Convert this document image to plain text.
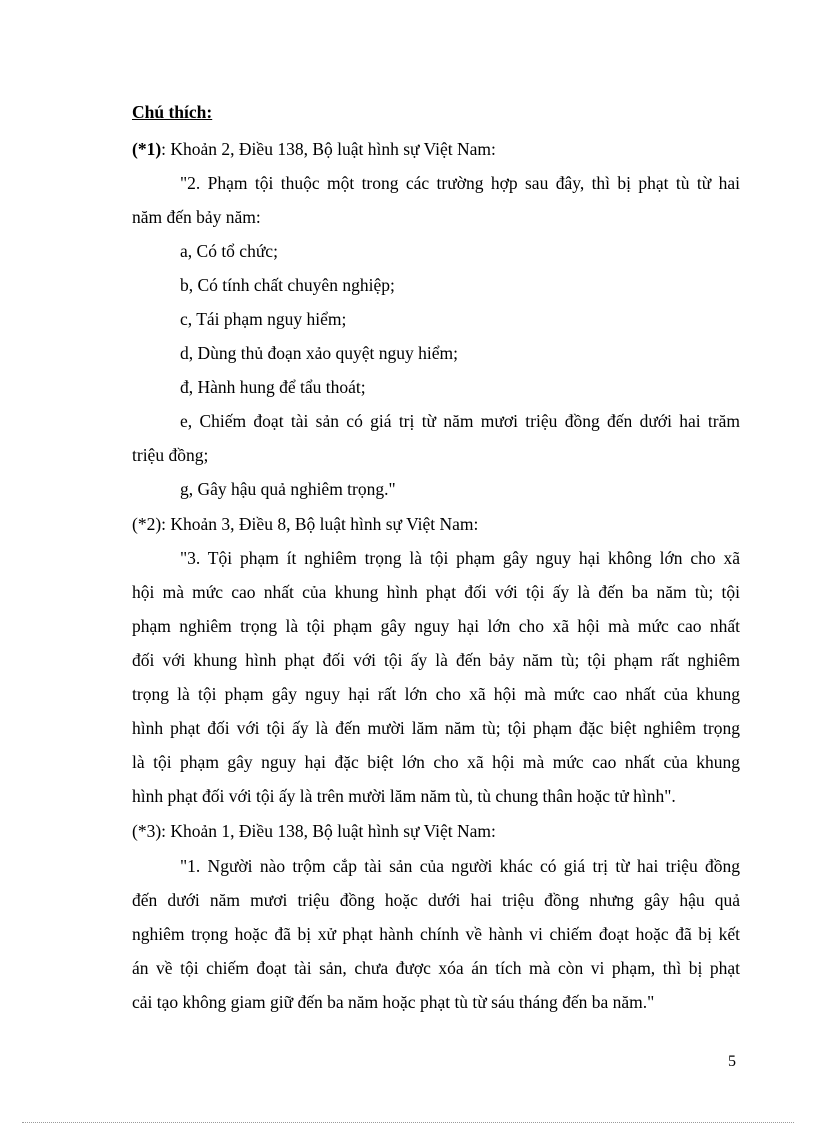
Chú thích:
(*1): Khoản 2, Điều 138, Bộ luật hình sự Việt Nam:
"2. Phạm tội thuộc một trong các trường hợp sau đây, thì bị phạt tù từ hai
năm đến bảy năm:
a, Có tổ chức;
b, Có tính chất chuyên nghiệp;
c, Tái phạm nguy hiểm;
d, Dùng thủ đoạn xảo quyệt nguy hiểm;
đ, Hành hung để tẩu thoát;
e, Chiếm đoạt tài sản có giá trị từ năm mươi triệu đồng đến dưới hai trăm
triệu đồng;
g, Gây hậu quả nghiêm trọng."
(*2): Khoản 3, Điều 8, Bộ luật hình sự Việt Nam:
"3. Tội phạm ít nghiêm trọng là tội phạm gây nguy hại không lớn cho xã
hội mà mức cao nhất của khung hình phạt đối với tội ấy là đến ba năm tù; tội
phạm nghiêm trọng là tội phạm gây nguy hại lớn cho xã hội mà mức cao nhất
đối với khung hình phạt đối với tội ấy là đến bảy năm tù; tội phạm rất nghiêm
trọng là tội phạm gây nguy hại rất lớn cho xã hội mà mức cao nhất của khung
hình phạt đối với tội ấy là đến mười lăm năm tù; tội phạm đặc biệt nghiêm trọng
là tội phạm gây nguy hại đặc biệt lớn cho xã hội mà mức cao nhất của khung
hình phạt đối với tội ấy là trên mười lăm năm tù, tù chung thân hoặc tử hình".
(*3): Khoản 1, Điều 138, Bộ luật hình sự Việt Nam:
"1. Người nào trộm cắp tài sản của người khác có giá trị từ hai triệu đồng
đến dưới năm mươi triệu đồng hoặc dưới hai triệu đồng nhưng gây hậu quả
nghiêm trọng hoặc đã bị xử phạt hành chính về hành vi chiếm đoạt hoặc đã bị kết
án về tội chiếm đoạt tài sản, chưa được xóa án tích mà còn vi phạm, thì bị phạt
cải tạo không giam giữ đến ba năm hoặc phạt tù từ sáu tháng đến ba năm."
5
